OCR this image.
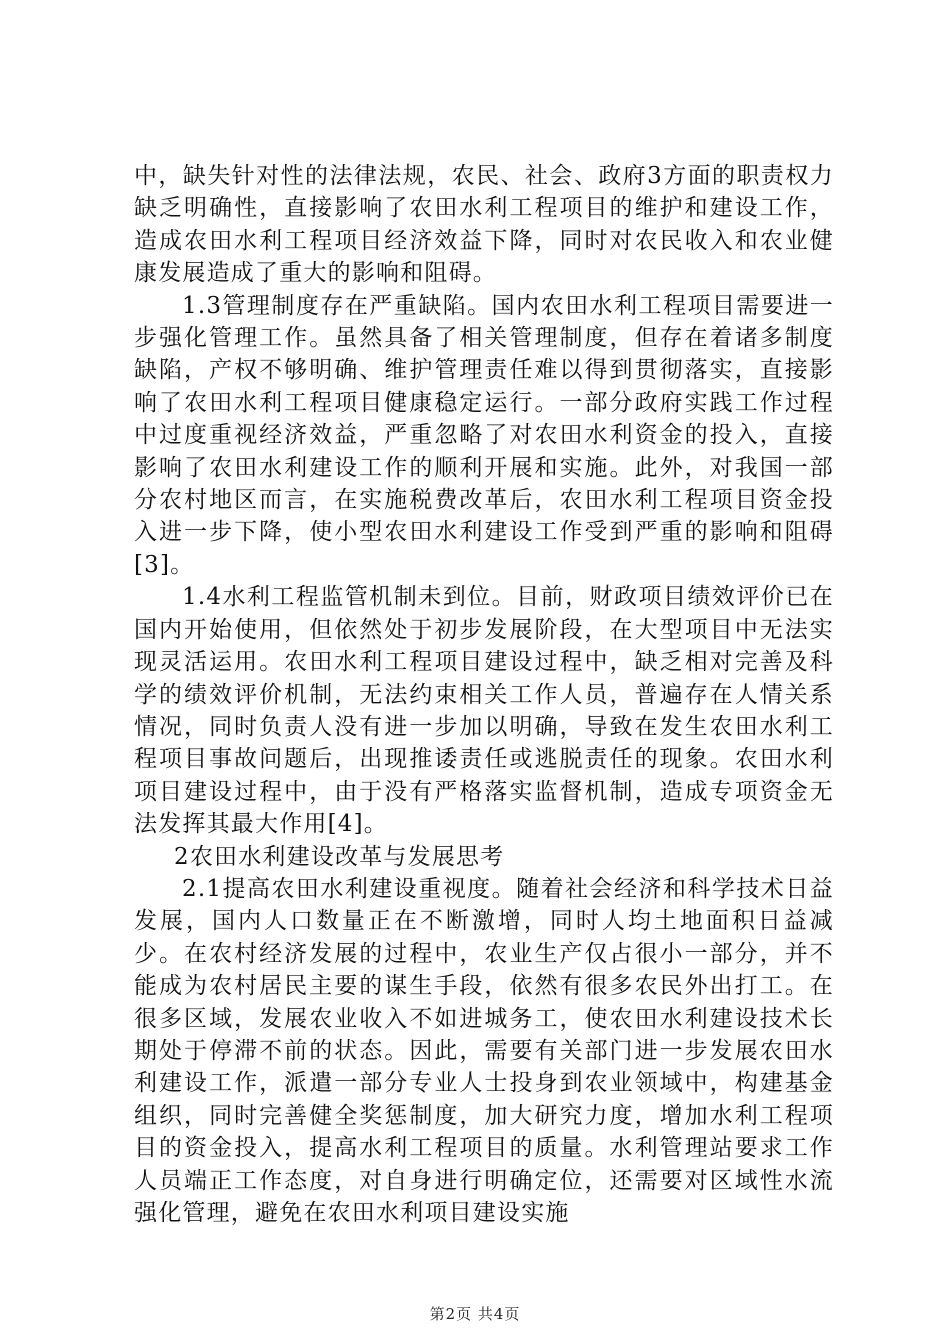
中，缺失针对性的法律法规，农民、社会、政府3方面的职责权力缺乏明确性，直接影响了农田水利工程项目的维护和建设工作，造成农田水利工程项目经济效益下降，同时对农民收入和农业健康发展造成了重大的影响和阻碍。

1.3管理制度存在严重缺陷。国内农田水利工程项目需要进一步强化管理工作。虽然具备了相关管理制度，但存在着诸多制度缺陷，产权不够明确、维护管理责任难以得到贯彻落实，直接影响了农田水利工程项目健康稳定运行。一部分政府实践工作过程中过度重视经济效益，严重忽略了对农田水利资金的投入，直接影响了农田水利建设工作的顺利开展和实施。此外，对我国一部分农村地区而言，在实施税费改革后，农田水利工程项目资金投入进一步下降，使小型农田水利建设工作受到严重的影响和阻碍[3]。

1.4水利工程监管机制未到位。目前，财政项目绩效评价已在国内开始使用，但依然处于初步发展阶段，在大型项目中无法实现灵活运用。农田水利工程项目建设过程中，缺乏相对完善及科学的绩效评价机制，无法约束相关工作人员，普遍存在人情关系情况，同时负责人没有进一步加以明确，导致在发生农田水利工程项目事故问题后，出现推诿责任或逃脱责任的现象。农田水利项目建设过程中，由于没有严格落实监督机制，造成专项资金无法发挥其最大作用[4]。

2农田水利建设改革与发展思考

2.1提高农田水利建设重视度。随着社会经济和科学技术日益发展，国内人口数量正在不断激增，同时人均土地面积日益减少。在农村经济发展的过程中，农业生产仅占很小一部分，并不能成为农村居民主要的谋生手段，依然有很多农民外出打工。在很多区域，发展农业收入不如进城务工，使农田水利建设技术长期处于停滞不前的状态。因此，需要有关部门进一步发展农田水利建设工作，派遣一部分专业人士投身到农业领域中，构建基金组织，同时完善健全奖惩制度，加大研究力度，增加水利工程项目的资金投入，提高水利工程项目的质量。水利管理站要求工作人员端正工作态度，对自身进行明确定位，还需要对区域性水流强化管理，避免在农田水利项目建设实施

第2页 共4页
